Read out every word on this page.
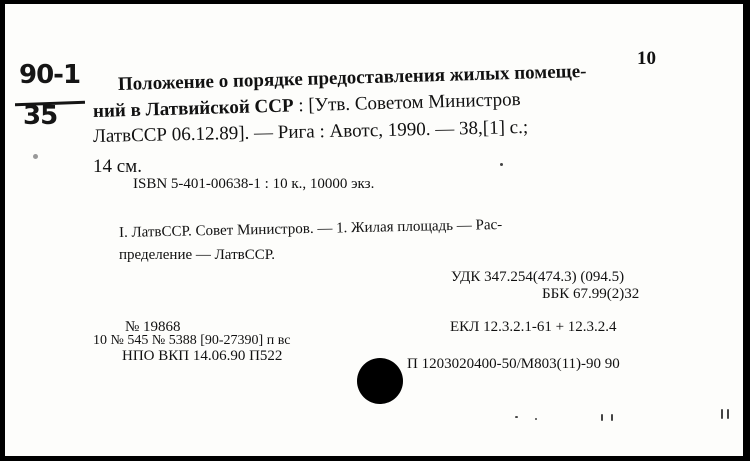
90-1
35
10
Положение о порядке предоставления жилых помеще-
ний в Латвийской ССР : [Утв. Советом Министров
ЛатвССР 06.12.89]. — Рига : Авотс, 1990. — 38,[1] с.;
14 см.
ISBN 5-401-00638-1 : 10 к., 10000 экз.
I. ЛатвССР. Совет Министров. — 1. Жилая площадь — Рас-
пределение — ЛатвССР.
УДК 347.254(474.3) (094.5)
ББК 67.99(2)32
№ 19868
10 № 545 № 5388 [90-27390] п вс
НПО ВКП 14.06.90 П522
ЕКЛ 12.3.2.1-61 + 12.3.2.4
П 1203020400-50/М803(11)-90 90
